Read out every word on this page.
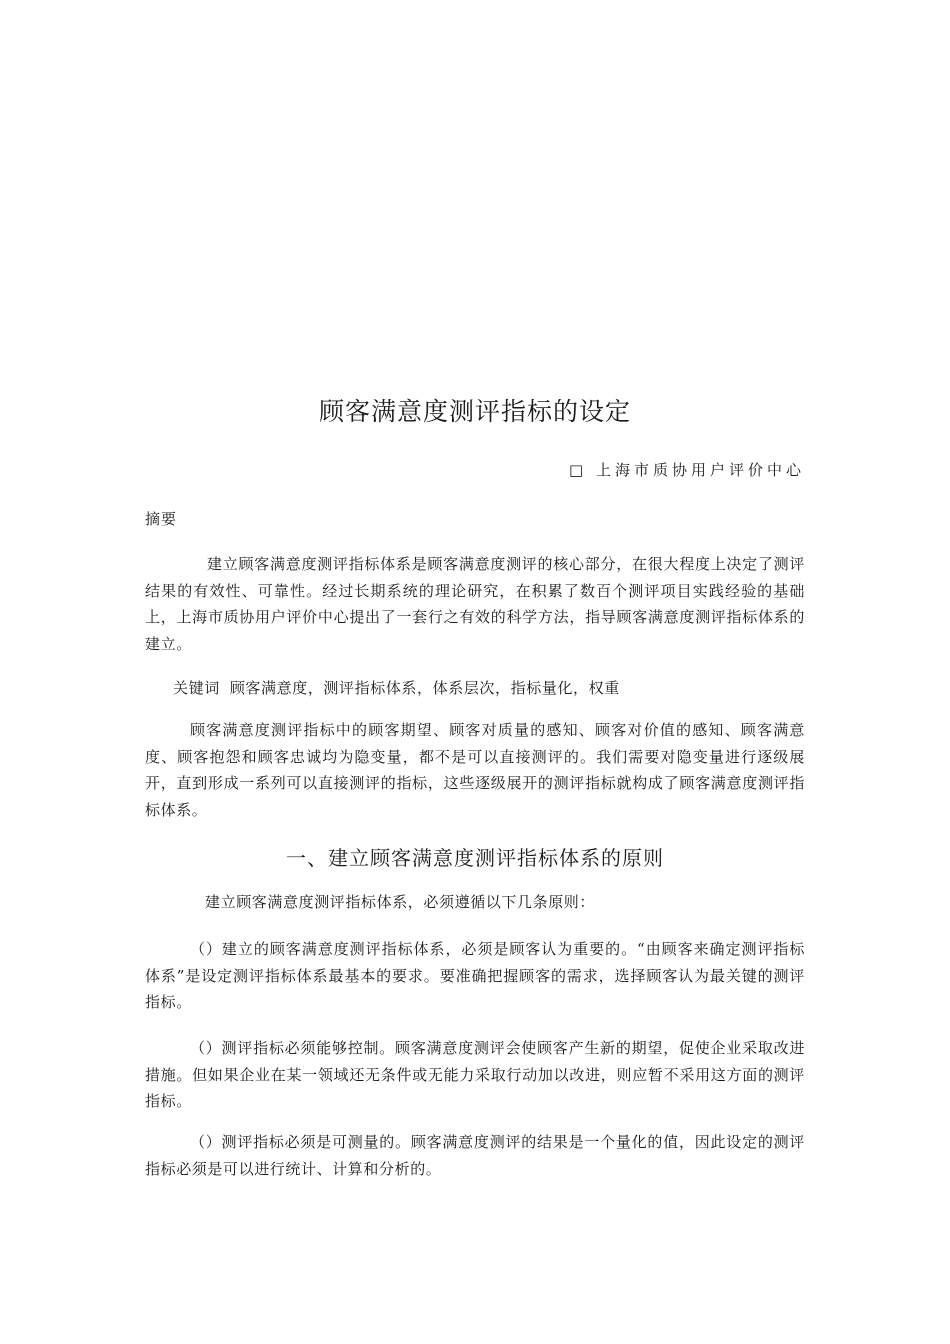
顾客满意度测评指标的设定
□ 上海市质协用户评价中心
摘要

建立顾客满意度测评指标体系是顾客满意度测评的核心部分，在很大程度上决定了测评结果的有效性、可靠性。经过长期系统的理论研究，在积累了数百个测评项目实践经验的基础上，上海市质协用户评价中心提出了一套行之有效的科学方法，指导顾客满意度测评指标体系的建立。

关键词 顾客满意度，测评指标体系，体系层次，指标量化，权重

顾客满意度测评指标中的顾客期望、顾客对质量的感知、顾客对价值的感知、顾客满意度、顾客抱怨和顾客忠诚均为隐变量，都不是可以直接测评的。我们需要对隐变量进行逐级展开，直到形成一系列可以直接测评的指标，这些逐级展开的测评指标就构成了顾客满意度测评指标体系。

一、建立顾客满意度测评指标体系的原则

建立顾客满意度测评指标体系，必须遵循以下几条原则：

（）建立的顾客满意度测评指标体系，必须是顾客认为重要的。“由顾客来确定测评指标体系”是设定测评指标体系最基本的要求。要准确把握顾客的需求，选择顾客认为最关键的测评指标。

（）测评指标必须能够控制。顾客满意度测评会使顾客产生新的期望，促使企业采取改进措施。但如果企业在某一领域还无条件或无能力采取行动加以改进，则应暂不采用这方面的测评指标。

（）测评指标必须是可测量的。顾客满意度测评的结果是一个量化的值，因此设定的测评指标必须是可以进行统计、计算和分析的。
